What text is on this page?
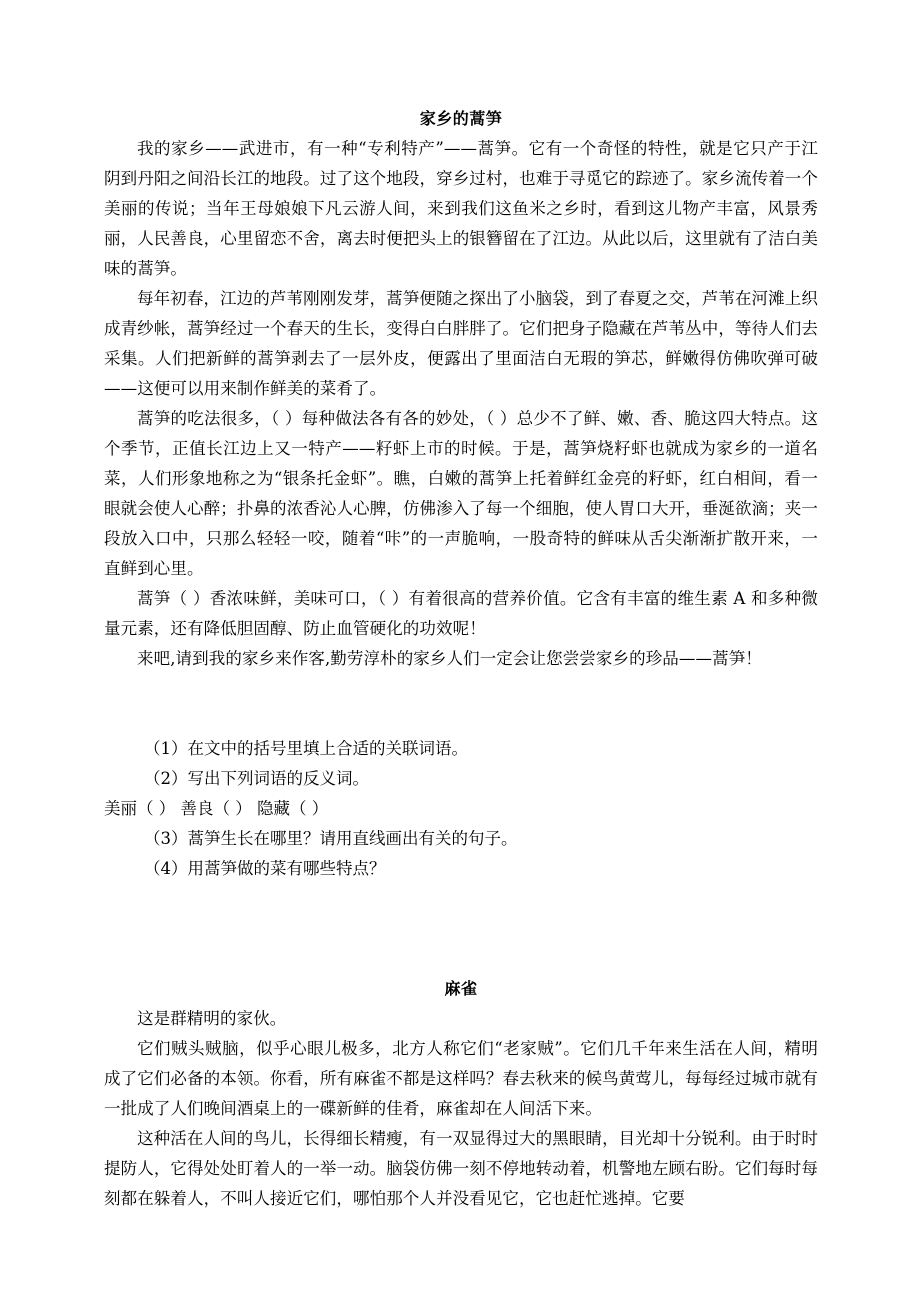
家乡的蒿笋

我的家乡——武进市，有一种“专利特产”——蒿笋。它有一个奇怪的特性，就是它只产于江阴到丹阳之间沿长江的地段。过了这个地段，穿乡过村，也难于寻觅它的踪迹了。家乡流传着一个美丽的传说；当年王母娘娘下凡云游人间，来到我们这鱼米之乡时，看到这儿物产丰富，风景秀丽，人民善良，心里留恋不舍，离去时便把头上的银簪留在了江边。从此以后，这里就有了洁白美味的蒿笋。

每年初春，江边的芦苇刚刚发芽，蒿笋便随之探出了小脑袋，到了春夏之交，芦苇在河滩上织成青纱帐，蒿笋经过一个春天的生长，变得白白胖胖了。它们把身子隐藏在芦苇丛中，等待人们去采集。人们把新鲜的蒿笋剥去了一层外皮，便露出了里面洁白无瑕的笋芯，鲜嫩得仿佛吹弹可破——这便可以用来制作鲜美的菜肴了。

蒿笋的吃法很多，（ ）每种做法各有各的妙处，（ ）总少不了鲜、嫩、香、脆这四大特点。这个季节，正值长江边上又一特产——籽虾上市的时候。于是，蒿笋烧籽虾也就成为家乡的一道名菜，人们形象地称之为“银条托金虾”。瞧，白嫩的蒿笋上托着鲜红金亮的籽虾，红白相间，看一眼就会使人心醉；扑鼻的浓香沁人心脾，仿佛渗入了每一个细胞，使人胃口大开，垂涎欲滴；夹一段放入口中，只那么轻轻一咬，随着“咔”的一声脆响，一股奇特的鲜味从舌尖渐渐扩散开来，一直鲜到心里。

蒿笋（ ）香浓味鲜，美味可口，（ ）有着很高的营养价值。它含有丰富的维生素 A 和多种微量元素，还有降低胆固醇、防止血管硬化的功效呢！

来吧,请到我的家乡来作客,勤劳淳朴的家乡人们一定会让您尝尝家乡的珍品——蒿笋！

（1）在文中的括号里填上合适的关联词语。
（2）写出下列词语的反义词。
美丽（ ） 善良（ ） 隐藏（ ）
（3）蒿笋生长在哪里？请用直线画出有关的句子。
（4）用蒿笋做的菜有哪些特点？
麻雀

这是群精明的家伙。

它们贼头贼脑，似乎心眼儿极多，北方人称它们“老家贼”。它们几千年来生活在人间，精明成了它们必备的本领。你看，所有麻雀不都是这样吗？春去秋来的候鸟黄莺儿，每每经过城市就有一批成了人们晚间酒桌上的一碟新鲜的佳肴，麻雀却在人间活下来。

这种活在人间的鸟儿，长得细长精瘦，有一双显得过大的黑眼睛，目光却十分锐利。由于时时提防人，它得处处盯着人的一举一动。脑袋仿佛一刻不停地转动着，机警地左顾右盼。它们每时每刻都在躲着人，不叫人接近它们，哪怕那个人并没看见它，它也赶忙逃掉。它要
